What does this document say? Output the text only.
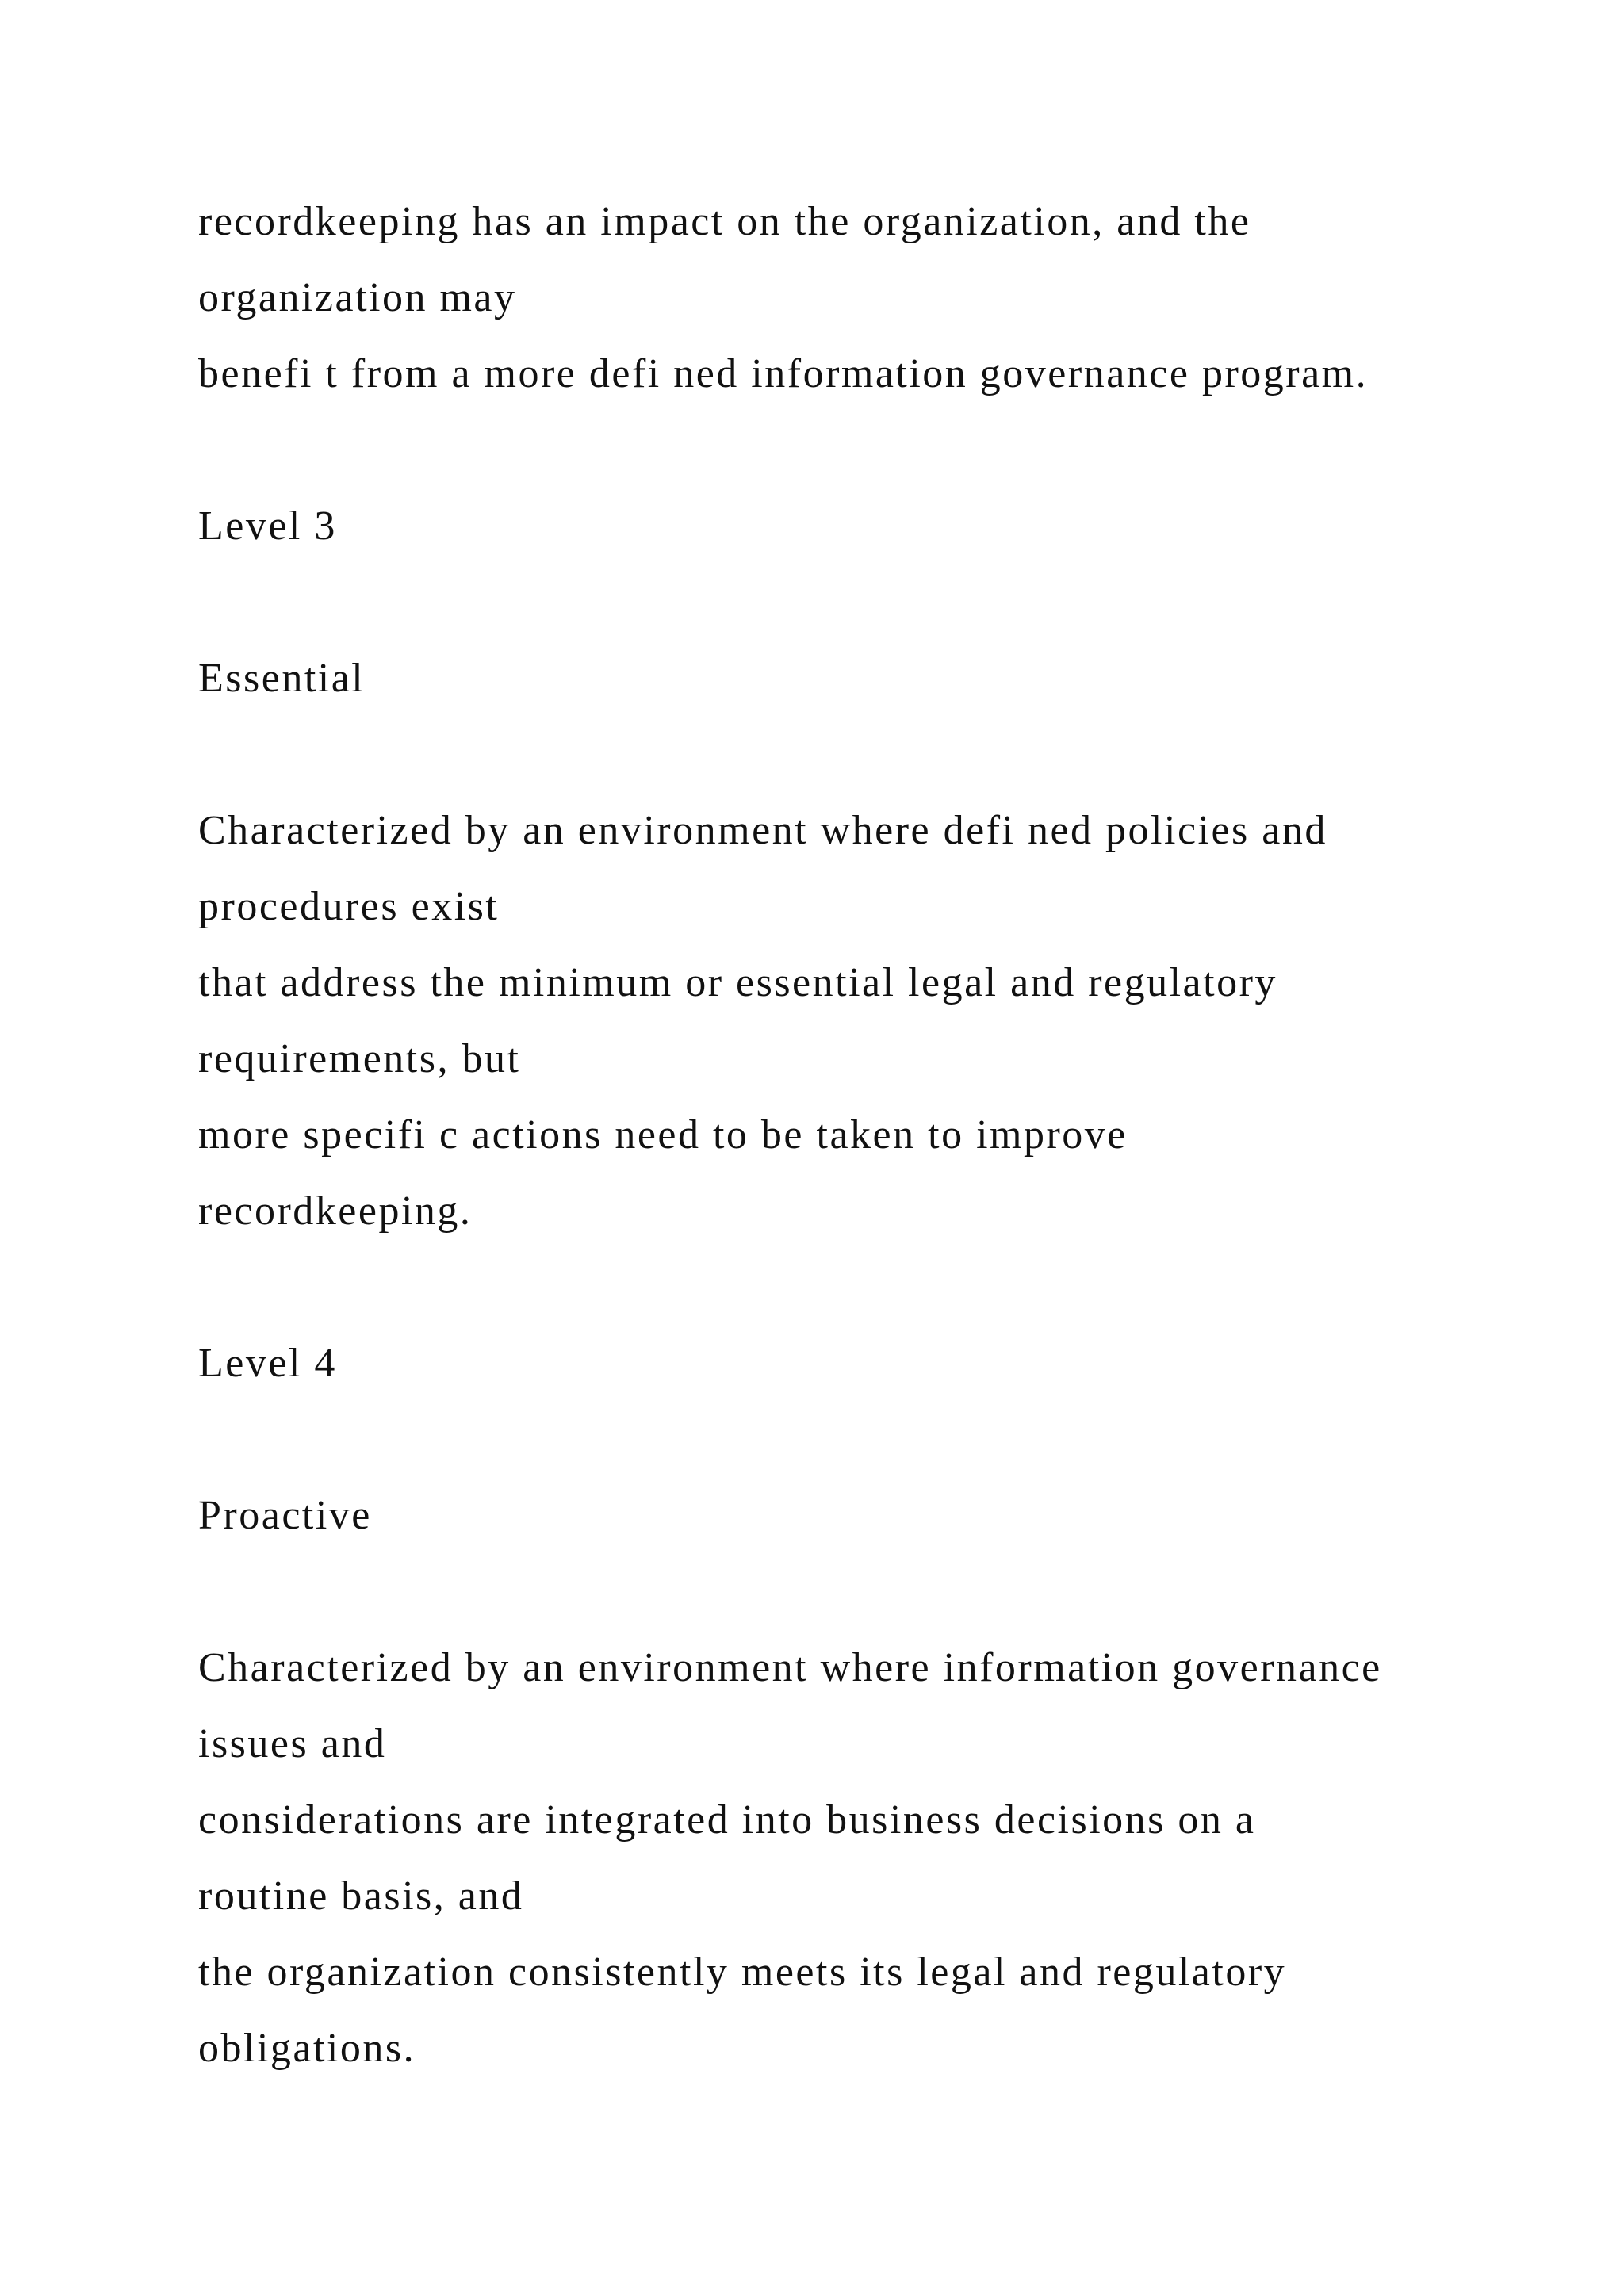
recordkeeping has an impact on the organization, and the
organization may
benefi t from a more defi ned information governance program.
Level 3
Essential
Characterized by an environment where defi ned policies and
procedures exist
that address the minimum or essential legal and regulatory
requirements, but
more specifi c actions need to be taken to improve
recordkeeping.
Level 4
Proactive
Characterized by an environment where information governance
issues and
considerations are integrated into business decisions on a
routine basis, and
the organization consistently meets its legal and regulatory
obligations.
